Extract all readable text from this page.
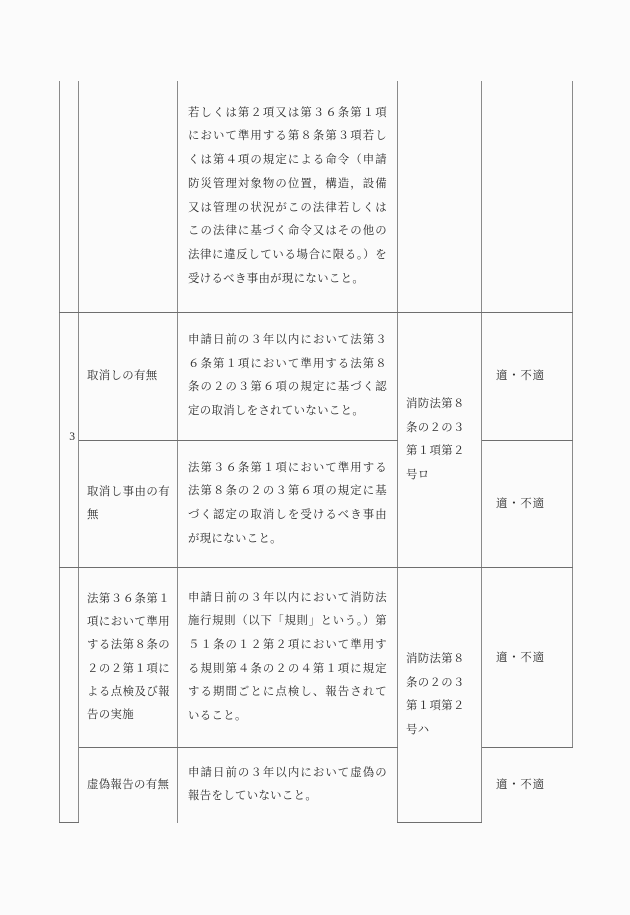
		若しくは第２項又は第３６条第１項において準用する第８条第３項若しくは第４項の規定による命令（申請防災管理対象物の位置，構造，設備又は管理の状況がこの法律若しくはこの法律に基づく命令又はその他の法律に違反している場合に限る。）を受けるべき事由が現にないこと。		

3	取消しの有無	申請日前の３年以内において法第３６条第１項において準用する法第８条の２の３第６項の規定に基づく認定の取消しをされていないこと。	消防法第８条の２の３第１項第２号ロ	適・不適

	取消し事由の有無	法第３６条第１項において準用する法第８条の２の３第６項の規定に基づく認定の取消しを受けるべき事由が現にないこと。		適・不適

	法第３６条第１項において準用する法第８条の２の２第１項による点検及び報告の実施	申請日前の３年以内において消防法施行規則（以下「規則」という。）第５１条の１２第２項において準用する規則第４条の２の４第１項に規定する期間ごとに点検し、報告されていること。	消防法第８条の２の３第１項第２号ハ	適・不適

	虚偽報告の有無	申請日前の３年以内において虚偽の報告をしていないこと。		適・不適
